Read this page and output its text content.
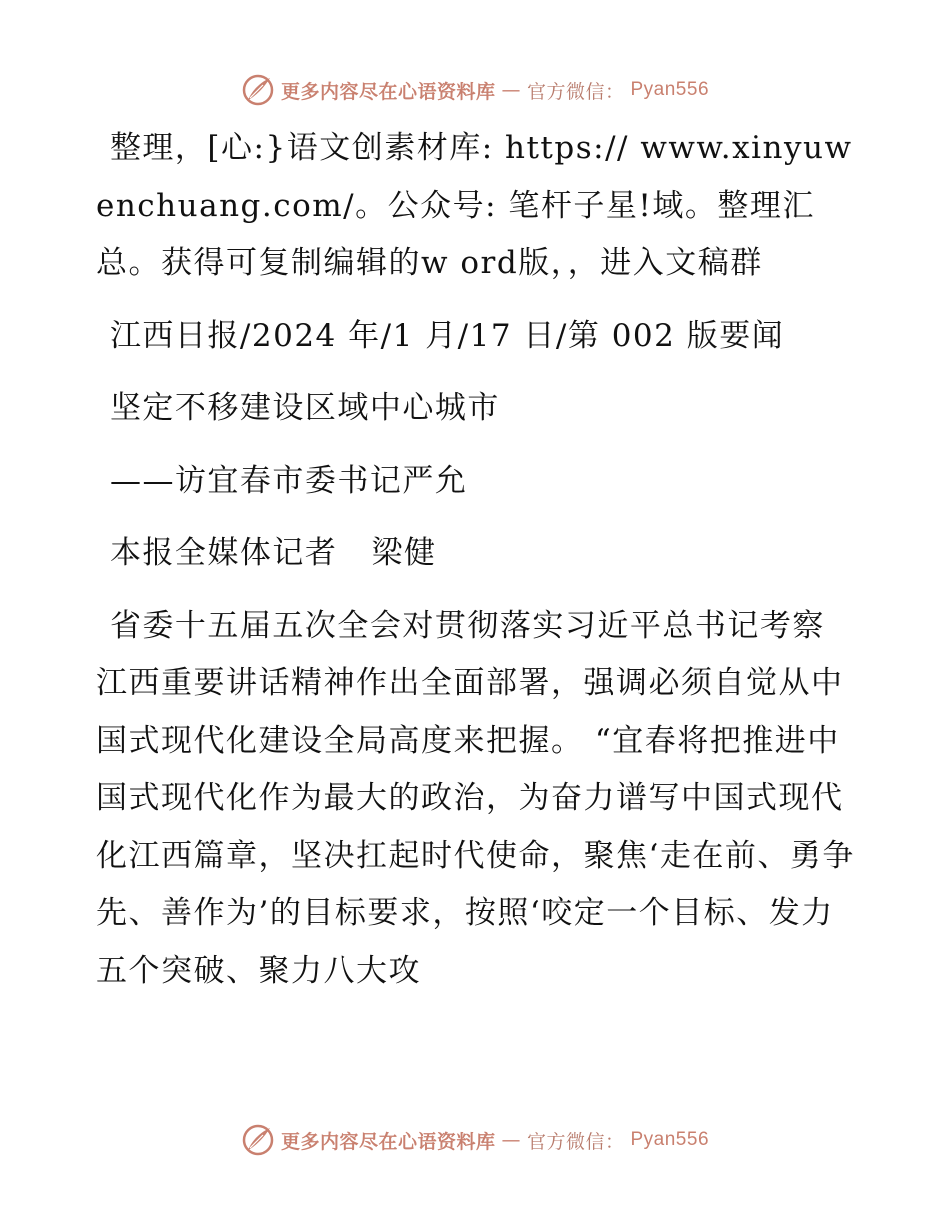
更多内容尽在心语资料库 — 官方微信： Pyan556

整理，[心:}语文创素材库: https:// www.xinyuwenchuang.com/。公众号: 笔杆子星!域。整理汇总。获得可复制编辑的w ord版，，进入文稿群

江西日报/2024 年/1 月/17 日/第 002 版要闻

坚定不移建设区域中心城市

——访宜春市委书记严允

本报全媒体记者   梁健

省委十五届五次全会对贯彻落实习近平总书记考察江西重要讲话精神作出全面部署，强调必须自觉从中国式现代化建设全局高度来把握。 “宜春将把推进中国式现代化作为最大的政治，为奋力谱写中国式现代化江西篇章，坚决扛起时代使命，聚焦‘走在前、勇争先、善作为’的目标要求，按照‘咬定一个目标、发力五个突破、聚力八大攻

更多内容尽在心语资料库 — 官方微信： Pyan556
